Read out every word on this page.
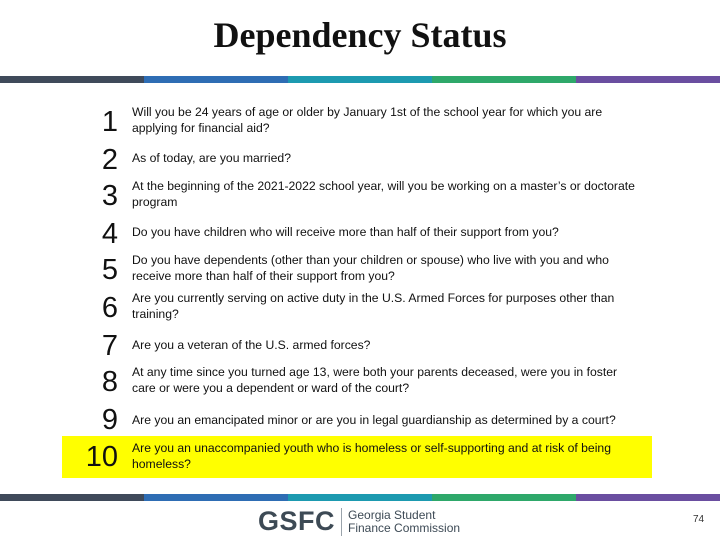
Dependency Status
1 Will you be 24 years of age or older by January 1st of the school year for which you are applying for financial aid?
2 As of today, are you married?
3 At the beginning of the 2021-2022 school year, will you be working on a master’s or doctorate program
4 Do you have children who will receive more than half of their support from you?
5 Do you have dependents (other than your children or spouse) who live with you and who receive more than half of their support from you?
6 Are you currently serving on active duty in the U.S. Armed Forces for purposes other than training?
7 Are you a veteran of the U.S. armed forces?
8 At any time since you turned age 13, were both your parents deceased, were you in foster care or were you a dependent or ward of the court?
9 Are you an emancipated minor or are you in legal guardianship as determined by a court?
10 Are you an unaccompanied youth who is homeless or self-supporting and at risk of being homeless?
GSFC Georgia Student
Finance Commission
74
